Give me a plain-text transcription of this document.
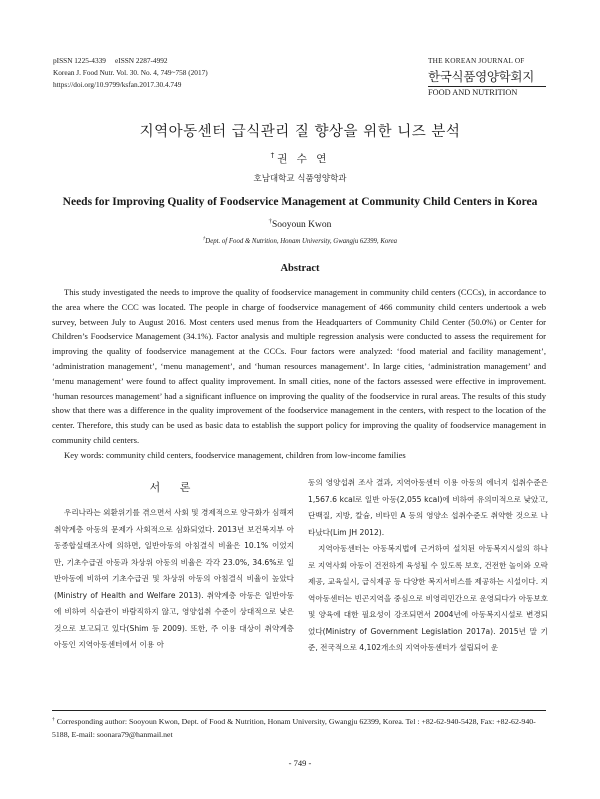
pISSN 1225-4339     eISSN 2287-4992
Korean J. Food Nutr. Vol. 30. No. 4, 749~758 (2017)
https://doi.org/10.9799/ksfan.2017.30.4.749
THE KOREAN JOURNAL OF
한국식품영양학회지
FOOD AND NUTRITION
지역아동센터 급식관리 질 향상을 위한 니즈 분석
†권 수 연
호남대학교 식품영양학과
Needs for Improving Quality of Foodservice Management at Community Child Centers in Korea
†Sooyoun Kwon
†Dept. of Food & Nutrition, Honam University, Gwangju 62399, Korea
Abstract

This study investigated the needs to improve the quality of foodservice management in community child centers (CCCs), in accordance to the area where the CCC was located. The people in charge of foodservice management of 466 community child centers undertook a web survey, between July to August 2016. Most centers used menus from the Headquarters of Community Child Center (50.0%) or Center for Children’s Foodservice Management (34.1%). Factor analysis and multiple regression analysis were conducted to assess the requirement for improving the quality of foodservice management at the CCCs. Four factors were analyzed: ‘food material and facility management’, ‘administration management’, ‘menu management’, and ‘human resources management’. In large cities, ‘administration management’ and ‘menu management’ were found to affect quality improvement. In small cities, none of the factors assessed were effective in improvement. ‘human resources management’ had a significant influence on improving the quality of the foodservice in rural areas. The results of this study show that there was a difference in the quality improvement of the foodservice management in the centers, with respect to the location of the center. Therefore, this study can be used as basic data to establish the support policy for improving the quality of foodservice management in community child centers.

Key words: community child centers, foodservice management, children from low-income families
서 론

우리나라는 외환위기를 겪으면서 사회 및 경제적으로 양극화가 심해져 취약계층 아동의 문제가 사회적으로 심화되었다. 2013년 보건복지부 아동종합실태조사에 의하면, 일반아동의 아침결식 비율은 10.1% 이었지만, 기초수급권 아동과 차상위 아동의 비율은 각각 23.0%, 34.6%로 일반아동에 비하여 기초수급권 및 차상위 아동의 아침결식 비율이 높았다(Ministry of Health and Welfare 2013). 취약계층 아동은 일반아동에 비하여 식습관이 바람직하지 않고, 영양섭취 수준이 상대적으로 낮은 것으로 보고되고 있다(Shim 등 2009). 또한, 주 이용 대상이 취약계층 아동인 지역아동센터에서 이용 아

동의 영양섭취 조사 결과, 지역아동센터 이용 아동의 에너지 섭취수준은 1,567.6 kcal로 일반 아동(2,055 kcal)에 비하여 유의미적으로 낮았고, 단백질, 지방, 칼슘, 비타민 A 등의 영양소 섭취수준도 취약한 것으로 나타났다(Lim JH 2012).

지역아동센터는 아동복지법에 근거하여 설치된 아동복지시설의 하나로 지역사회 아동이 건전하게 육성될 수 있도록 보호, 건전한 놀이와 오락 제공, 교육실시, 급식제공 등 다양한 복지서비스를 제공하는 시설이다. 지역아동센터는 빈곤지역을 중심으로 비영리민간으로 운영되다가 아동보호 및 양육에 대한 필요성이 강조되면서 2004년에 아동복지시설로 변경되었다(Ministry of Government Legislation 2017a). 2015년 말 기준, 전국적으로 4,102개소의 지역아동센터가 설립되어 운

† Corresponding author: Sooyoun Kwon, Dept. of Food & Nutrition, Honam University, Gwangju 62399, Korea. Tel : +82-62-940-5428, Fax: +82-62-940-5188, E-mail: soonara79@hanmail.net
- 749 -
